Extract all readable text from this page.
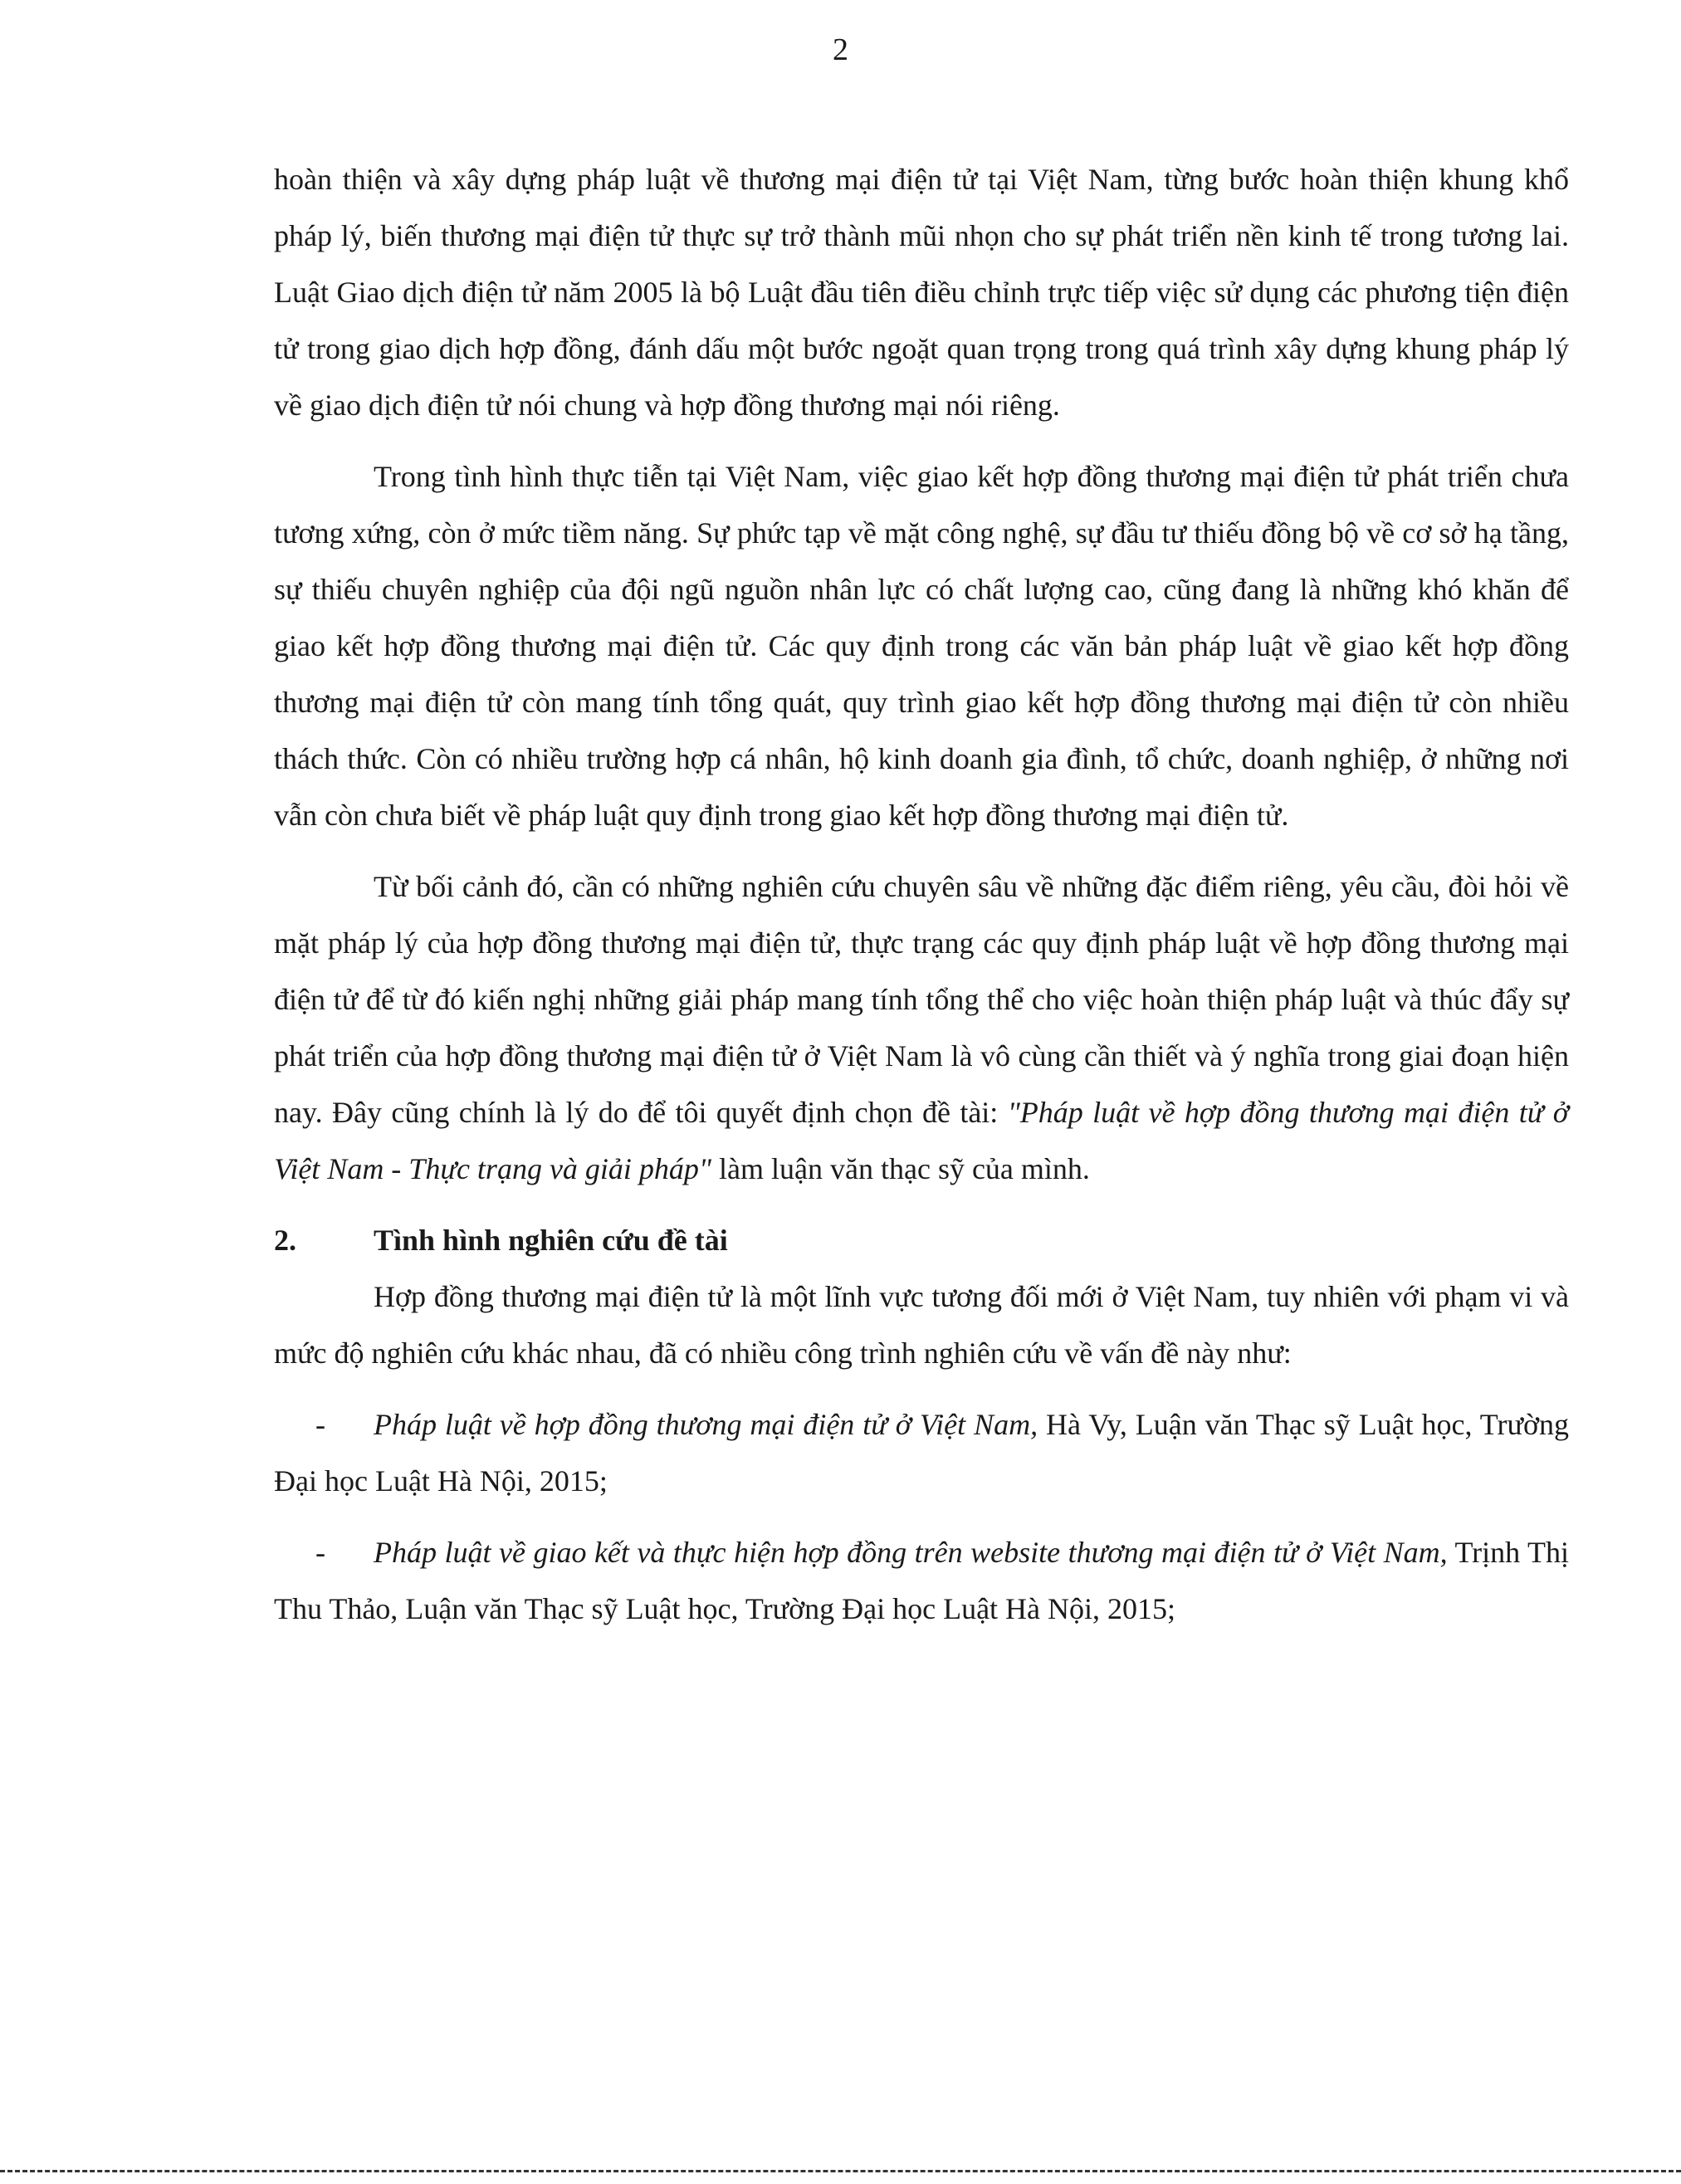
2

hoàn thiện và xây dựng pháp luật về thương mại điện tử tại Việt Nam, từng bước hoàn thiện khung khổ pháp lý, biến thương mại điện tử thực sự trở thành mũi nhọn cho sự phát triển nền kinh tế trong tương lai. Luật Giao dịch điện tử năm 2005 là bộ Luật đầu tiên điều chỉnh trực tiếp việc sử dụng các phương tiện điện tử trong giao dịch hợp đồng, đánh dấu một bước ngoặt quan trọng trong quá trình xây dựng khung pháp lý về giao dịch điện tử nói chung và hợp đồng thương mại nói riêng.

Trong tình hình thực tiễn tại Việt Nam, việc giao kết hợp đồng thương mại điện tử phát triển chưa tương xứng, còn ở mức tiềm năng. Sự phức tạp về mặt công nghệ, sự đầu tư thiếu đồng bộ về cơ sở hạ tầng, sự thiếu chuyên nghiệp của đội ngũ nguồn nhân lực có chất lượng cao, cũng đang là những khó khăn để giao kết hợp đồng thương mại điện tử. Các quy định trong các văn bản pháp luật về giao kết hợp đồng thương mại điện tử còn mang tính tổng quát, quy trình giao kết hợp đồng thương mại điện tử còn nhiều thách thức. Còn có nhiều trường hợp cá nhân, hộ kinh doanh gia đình, tổ chức, doanh nghiệp, ở những nơi vẫn còn chưa biết về pháp luật quy định trong giao kết hợp đồng thương mại điện tử.

Từ bối cảnh đó, cần có những nghiên cứu chuyên sâu về những đặc điểm riêng, yêu cầu, đòi hỏi về mặt pháp lý của hợp đồng thương mại điện tử, thực trạng các quy định pháp luật về hợp đồng thương mại điện tử để từ đó kiến nghị những giải pháp mang tính tổng thể cho việc hoàn thiện pháp luật và thúc đẩy sự phát triển của hợp đồng thương mại điện tử ở Việt Nam là vô cùng cần thiết và ý nghĩa trong giai đoạn hiện nay. Đây cũng chính là lý do để tôi quyết định chọn đề tài: "Pháp luật về hợp đồng thương mại điện tử ở Việt Nam - Thực trạng và giải pháp" làm luận văn thạc sỹ của mình.

2.	Tình hình nghiên cứu đề tài

Hợp đồng thương mại điện tử là một lĩnh vực tương đối mới ở Việt Nam, tuy nhiên với phạm vi và mức độ nghiên cứu khác nhau, đã có nhiều công trình nghiên cứu về vấn đề này như:

- Pháp luật về hợp đồng thương mại điện tử ở Việt Nam, Hà Vy, Luận văn Thạc sỹ Luật học, Trường Đại học Luật Hà Nội, 2015;

- Pháp luật về giao kết và thực hiện hợp đồng trên website thương mại điện tử ở Việt Nam, Trịnh Thị Thu Thảo, Luận văn Thạc sỹ Luật học, Trường Đại học Luật Hà Nội, 2015;
